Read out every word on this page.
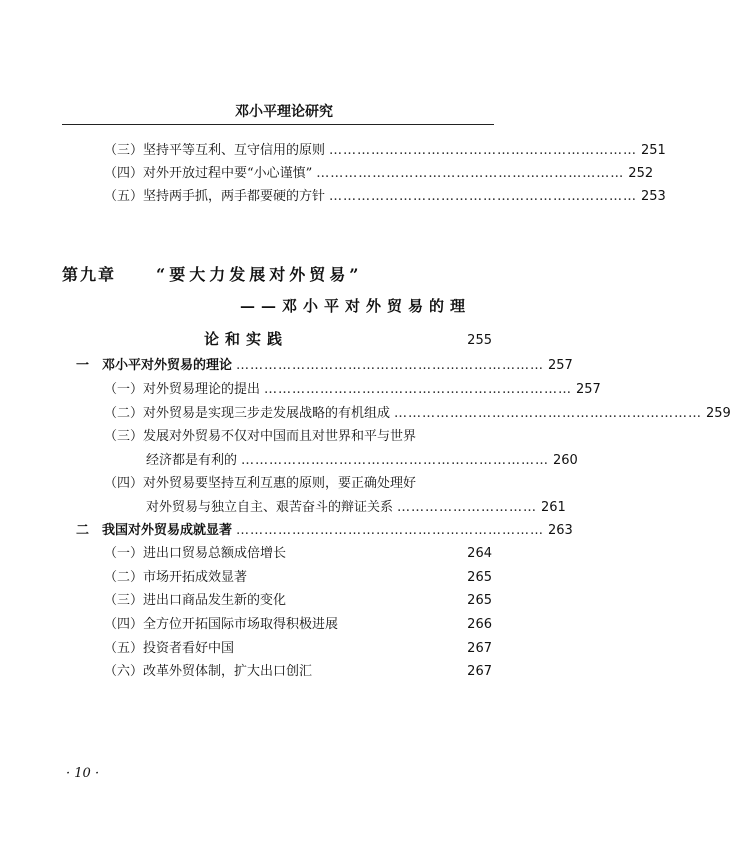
邓小平理论研究
（三）坚持平等互利、互守信用的原则 ………………………………………………………… 251
（四）对外开放过程中要“小心谨慎” ………………………………………………………… 252
（五）坚持两手抓，两手都要硬的方针 ………………………………………………………… 253
第九章 “要大力发展对外贸易”
——邓小平对外贸易的理
论和实践	255
一　邓小平对外贸易的理论 ………………………………………………………… 257
（一）对外贸易理论的提出 ………………………………………………………… 257
（二）对外贸易是实现三步走发展战略的有机组成 ………………………………………………………… 259
（三）发展对外贸易不仅对中国而且对世界和平与世界
经济都是有利的 ………………………………………………………… 260
（四）对外贸易要坚持互利互惠的原则，要正确处理好
对外贸易与独立自主、艰苦奋斗的辩证关系 ………………………… 261
二　我国对外贸易成就显著 ………………………………………………………… 263
（一）进出口贸易总额成倍增长	264
（二）市场开拓成效显著	265
（三）进出口商品发生新的变化	265
（四）全方位开拓国际市场取得积极进展	266
（五）投资者看好中国	267
（六）改革外贸体制，扩大出口创汇	267
· 10 ·
